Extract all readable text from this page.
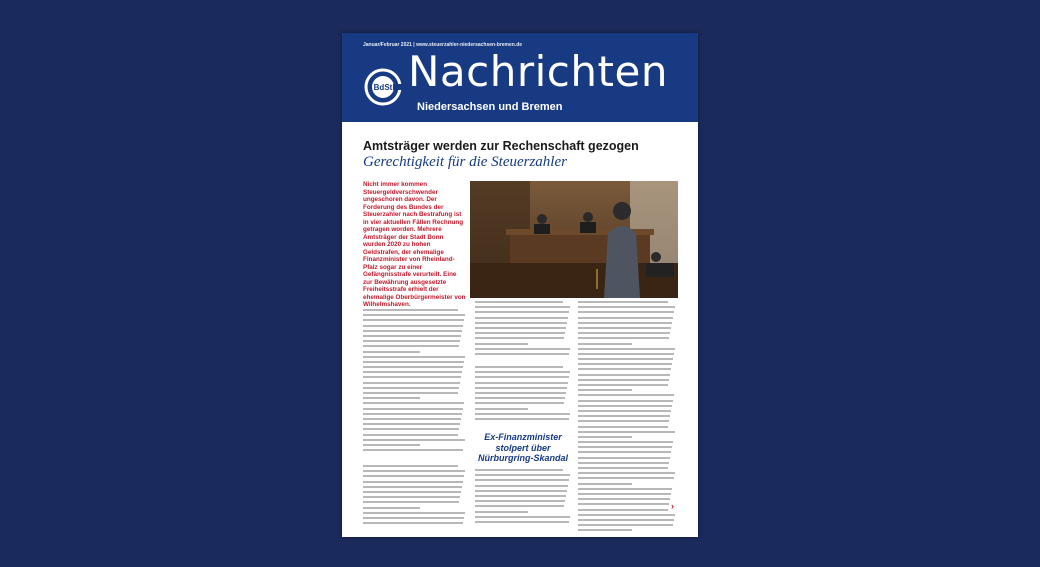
Januar/Februar 2021 | www.steuerzahler-niedersachsen-bremen.de
BdSt Nachrichten
Niedersachsen und Bremen
Amtsträger werden zur Rechenschaft gezogen
Gerechtigkeit für die Steuerzahler

Nicht immer kommen Steuergeldverschwender ungeschoren davon. Der Forderung des Bundes der Steuerzahler nach Bestrafung ist in vier aktuellen Fällen Rechnung getragen worden. Mehrere Amtsträger der Stadt Bonn wurden 2020 zu hohen Geldstrafen, der ehemalige Finanzminister von Rheinland-Pfalz sogar zu einer Gefängnisstrafe verurteilt. Eine zur Bewährung ausgesetzte Freiheitsstrafe erhielt der ehemalige Oberbürgermeister von Wilhelmshaven.

Ex-Finanzminister stolpert über Nürburgring-Skandal

›
